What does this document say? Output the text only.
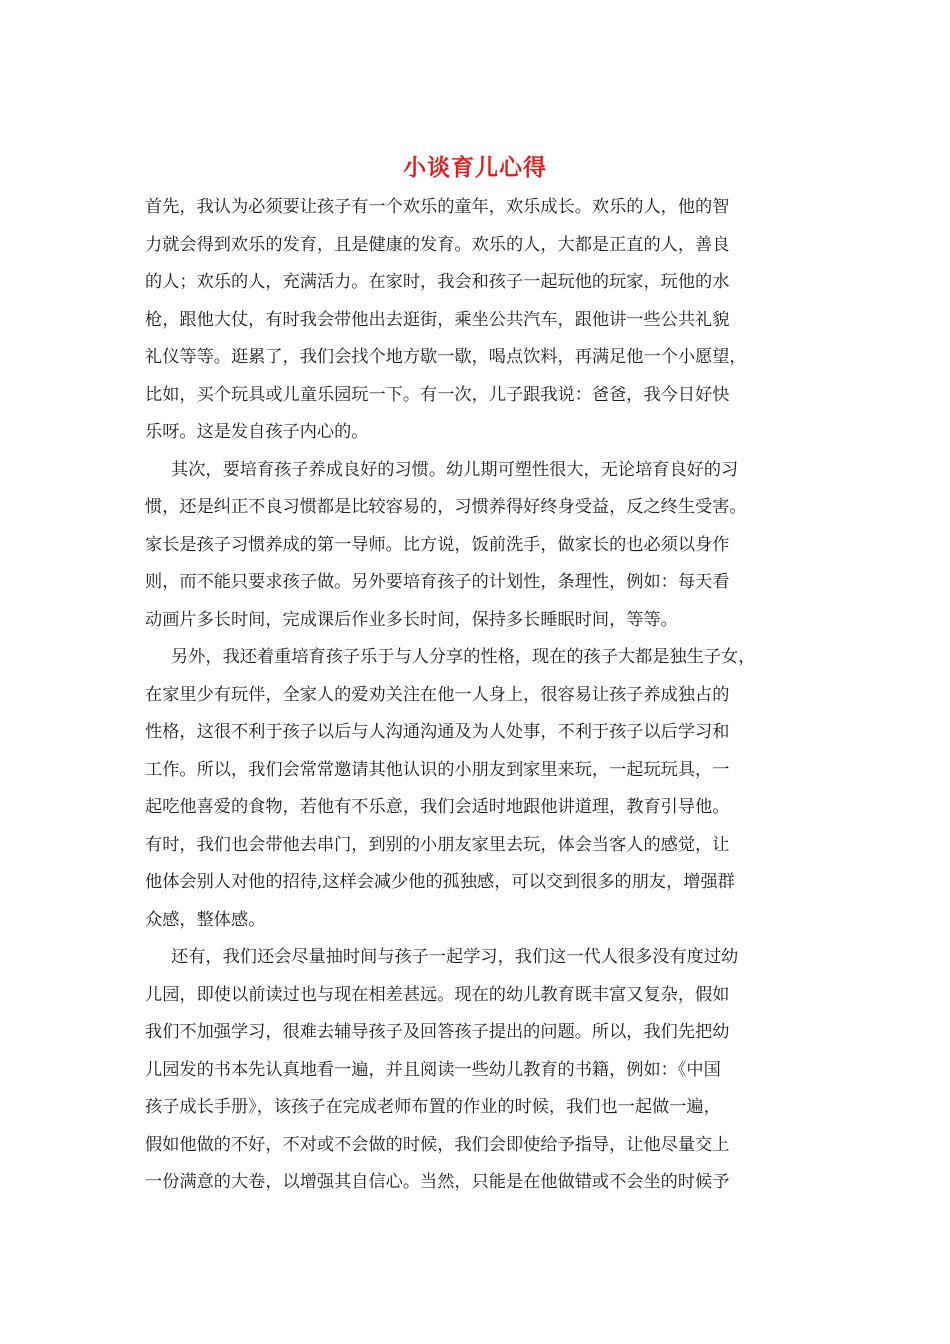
小谈育儿心得
首先，我认为必须要让孩子有一个欢乐的童年，欢乐成长。欢乐的人，他的智
力就会得到欢乐的发育，且是健康的发育。欢乐的人，大都是正直的人，善良
的人；欢乐的人，充满活力。在家时，我会和孩子一起玩他的玩家，玩他的水
枪，跟他大仗，有时我会带他出去逛街，乘坐公共汽车，跟他讲一些公共礼貌
礼仪等等。逛累了，我们会找个地方歇一歇，喝点饮料，再满足他一个小愿望，
比如，买个玩具或儿童乐园玩一下。有一次，儿子跟我说：爸爸，我今日好快
乐呀。这是发自孩子内心的。
其次，要培育孩子养成良好的习惯。幼儿期可塑性很大，无论培育良好的习
惯，还是纠正不良习惯都是比较容易的，习惯养得好终身受益，反之终生受害。
家长是孩子习惯养成的第一导师。比方说，饭前洗手，做家长的也必须以身作
则，而不能只要求孩子做。另外要培育孩子的计划性，条理性，例如：每天看
动画片多长时间，完成课后作业多长时间，保持多长睡眠时间，等等。
另外，我还着重培育孩子乐于与人分享的性格，现在的孩子大都是独生子女，
在家里少有玩伴，全家人的爱劝关注在他一人身上，很容易让孩子养成独占的
性格，这很不利于孩子以后与人沟通沟通及为人处事，不利于孩子以后学习和
工作。所以，我们会常常邀请其他认识的小朋友到家里来玩，一起玩玩具，一
起吃他喜爱的食物，若他有不乐意，我们会适时地跟他讲道理，教育引导他。
有时，我们也会带他去串门，到别的小朋友家里去玩，体会当客人的感觉，让
他体会别人对他的招待,这样会减少他的孤独感，可以交到很多的朋友，增强群
众感，整体感。
还有，我们还会尽量抽时间与孩子一起学习，我们这一代人很多没有度过幼
儿园，即使以前读过也与现在相差甚远。现在的幼儿教育既丰富又复杂，假如
我们不加强学习，很难去辅导孩子及回答孩子提出的问题。所以，我们先把幼
儿园发的书本先认真地看一遍，并且阅读一些幼儿教育的书籍，例如：《中国
孩子成长手册》，该孩子在完成老师布置的作业的时候，我们也一起做一遍，
假如他做的不好，不对或不会做的时候，我们会即使给予指导，让他尽量交上
一份满意的大卷，以增强其自信心。当然，只能是在他做错或不会坐的时候予
